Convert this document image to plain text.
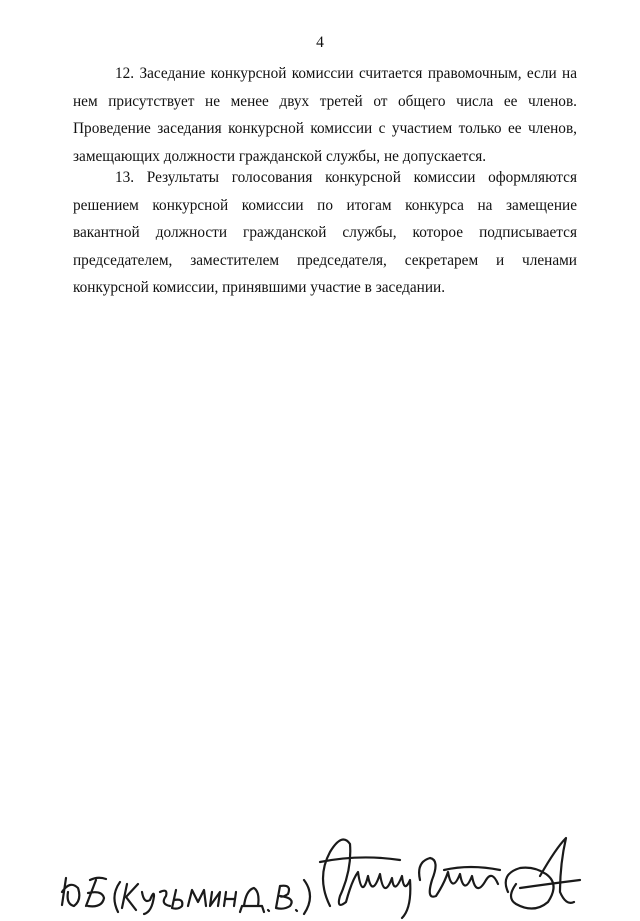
4

12. Заседание конкурсной комиссии считается правомочным, если на нем присутствует не менее двух третей от общего числа ее членов. Проведение заседания конкурсной комиссии с участием только ее членов, замещающих должности гражданской службы, не допускается.

13. Результаты голосования конкурсной комиссии оформляются решением конкурсной комиссии по итогам конкурса на замещение вакантной должности гражданской службы, которое подписывается председателем, заместителем председателя, секретарем и членами конкурсной комиссии, принявшими участие в заседании.
